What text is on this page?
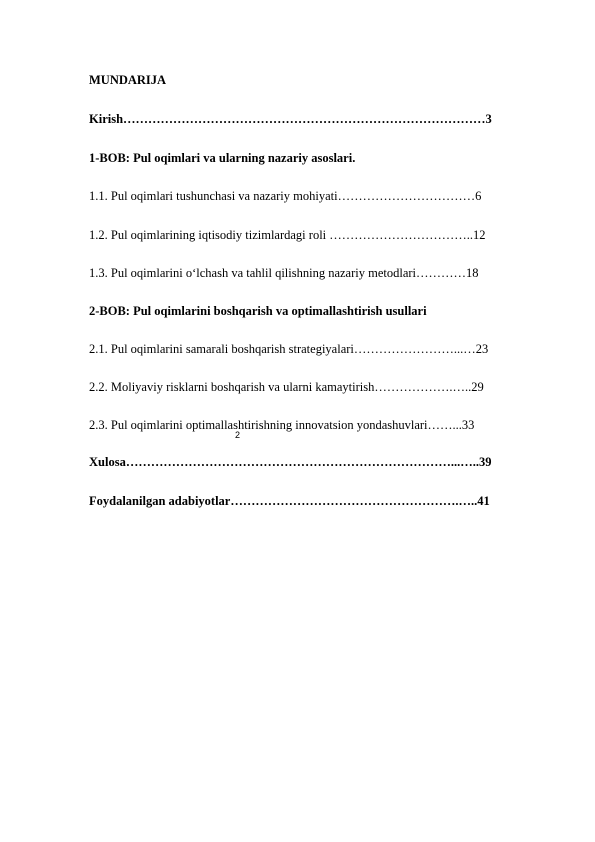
MUNDARIJA
Kirish……………………………………………………………………………3
1-BOB: Pul oqimlari va ularning nazariy asoslari.
1.1. Pul oqimlari tushunchasi va nazariy mohiyati……………………………6
1.2. Pul oqimlarining iqtisodiy tizimlardagi roli ……………………………..12
1.3. Pul oqimlarini o‘lchash va tahlil qilishning nazariy metodlari…………18
2-BOB: Pul oqimlarini boshqarish va optimallashtirish usullari
2.1. Pul oqimlarini samarali boshqarish strategiyalari……………………...…23
2.2. Moliyaviy risklarni boshqarish va ularni kamaytirish……………….…..29
2.3. Pul oqimlarini optimallashtirishning innovatsion yondashuvlari……...33
Xulosa……………………………………………………………………...…..39
Foydalanilgan adabiyotlar……………………………………………….…..41
2
